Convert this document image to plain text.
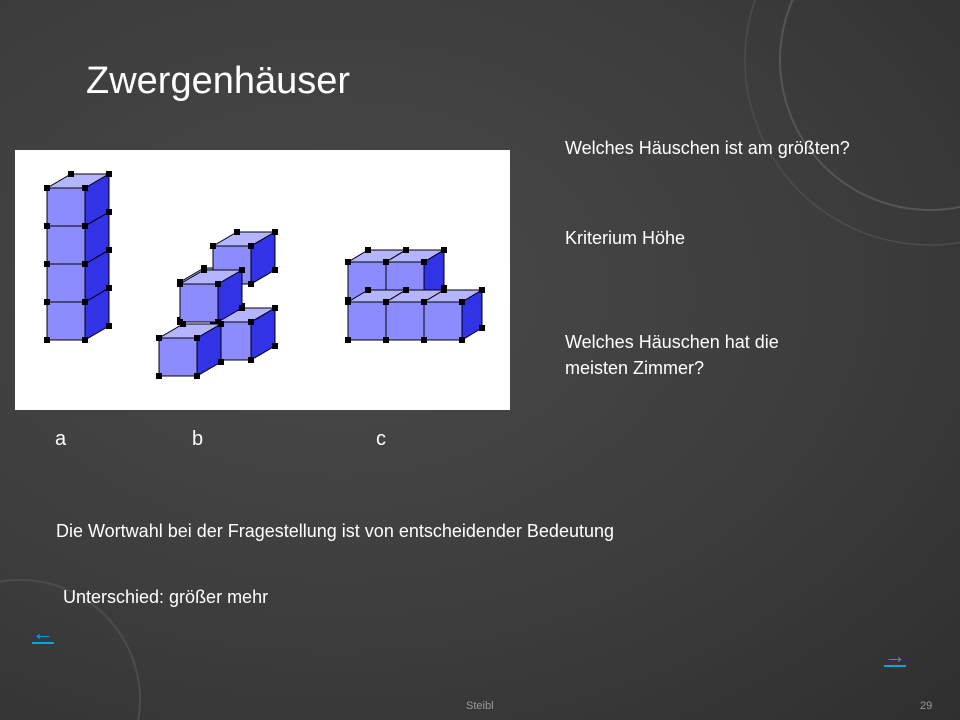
Zwergenhäuser
Welches Häuschen ist am größten?
Kriterium Höhe
Welches Häuschen hat die
meisten Zimmer?
a	b	c
Die Wortwahl bei der Fragestellung ist von entscheidender Bedeutung
Unterschied: größer mehr
←
→
Steibl	29
